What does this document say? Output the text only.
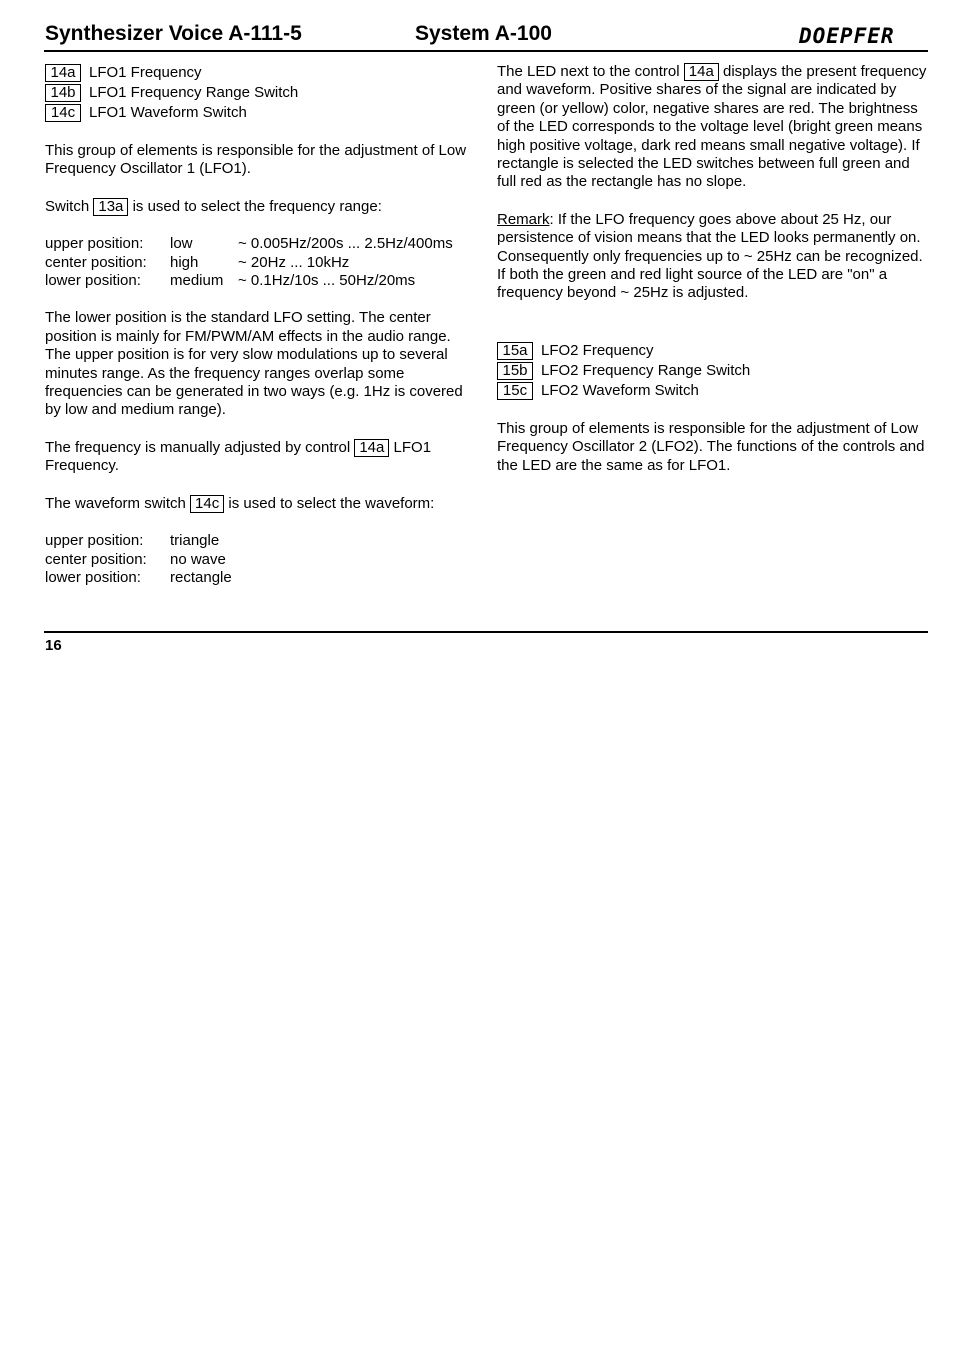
Synthesizer Voice A-111-5	System A-100	DOEPFER
14a LFO1 Frequency
14b LFO1 Frequency Range Switch
14c LFO1 Waveform Switch

This group of elements is responsible for the adjustment of Low Frequency Oscillator 1 (LFO1).

Switch 13a is used to select the frequency range:

upper position:	low	~ 0.005Hz/200s ... 2.5Hz/400ms
center position:	high	~ 20Hz ... 10kHz
lower position:	medium	~ 0.1Hz/10s ... 50Hz/20ms

The lower position is the standard LFO setting. The center position is mainly for FM/PWM/AM effects in the audio range. The upper position is for very slow modulations up to several minutes range. As the frequency ranges overlap some frequencies can be generated in two ways (e.g. 1Hz is covered by low and medium range).

The frequency is manually adjusted by control 14a LFO1 Frequency.

The waveform switch 14c is used to select the waveform:

upper position:	triangle
center position:	no wave
lower position:	rectangle

The LED next to the control 14a displays the present frequency and waveform. Positive shares of the signal are indicated by green (or yellow) color, negative shares are red. The brightness of the LED corresponds to the voltage level (bright green means high positive voltage, dark red means small negative voltage). If rectangle is selected the LED switches between full green and full red as the rectangle has no slope.

Remark: If the LFO frequency goes above about 25 Hz, our persistence of vision means that the LED looks permanently on. Consequently only frequencies up to ~ 25Hz can be recognized. If both the green and red light source of the LED are "on" a frequency beyond ~ 25Hz is adjusted.

15a LFO2 Frequency
15b LFO2 Frequency Range Switch
15c LFO2 Waveform Switch

This group of elements is responsible for the adjustment of Low Frequency Oscillator 2 (LFO2). The functions of the controls and the LED are the same as for LFO1.

16
